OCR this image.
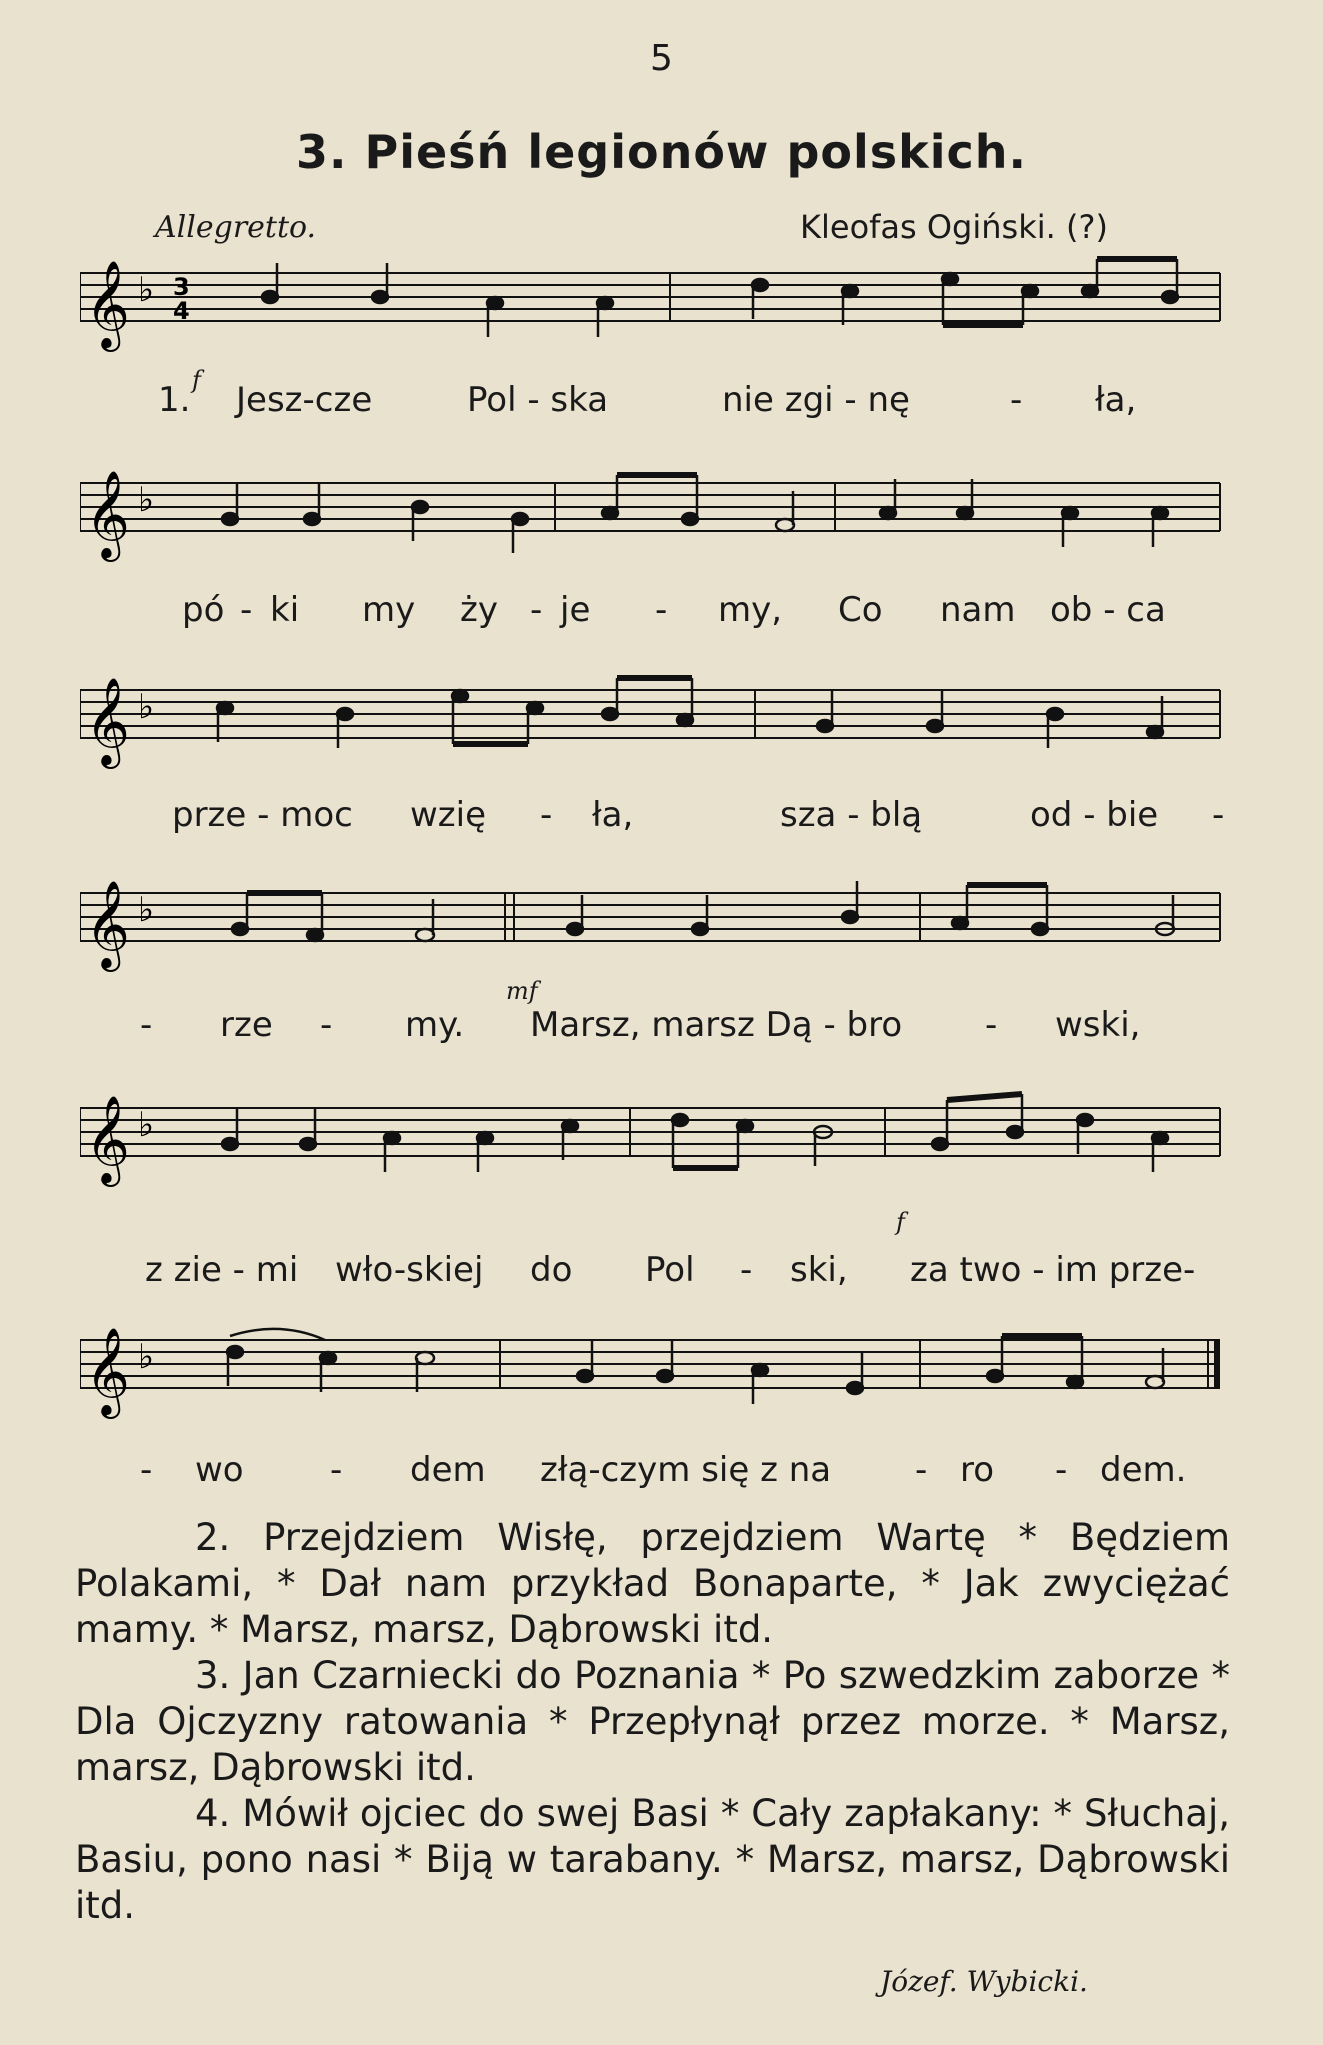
5
3. Pieśń legionów polskich.
Allegretto.	Kleofas Ogiński. (?)
𝄞 ♭ 3
4
f
1. Jesz-cze	Pol - ska	nie zgi - nę	- ła,
𝄞 ♭
pó - ki my ży - je - my, Co nam ob - ca
𝄞 ♭
prze - moc wzię - ła,	sza - blą	od - bie -
𝄞 ♭
mf
- rze - my. Marsz, marsz Dą - bro - wski,
𝄞 ♭
f
z zie - mi wło-skiej do Pol - ski, za two - im prze-
𝄞 ♭
- wo	- dem złą-czym się z na - ro - dem.

2. Przejdziem Wisłę, przejdziem Wartę * Będziem Polakami, * Dał nam przykład Bonaparte, * Jak zwyciężać mamy. * Marsz, marsz, Dąbrowski itd.

3. Jan Czarniecki do Poznania * Po szwedzkim zaborze * Dla Ojczyzny ratowania * Przepłynął przez morze. * Marsz, marsz, Dąbrowski itd.

4. Mówił ojciec do swej Basi * Cały zapłakany: * Słuchaj, Basiu, pono nasi * Biją w tarabany. * Marsz, marsz, Dąbrowski itd.

Józef. Wybicki.
